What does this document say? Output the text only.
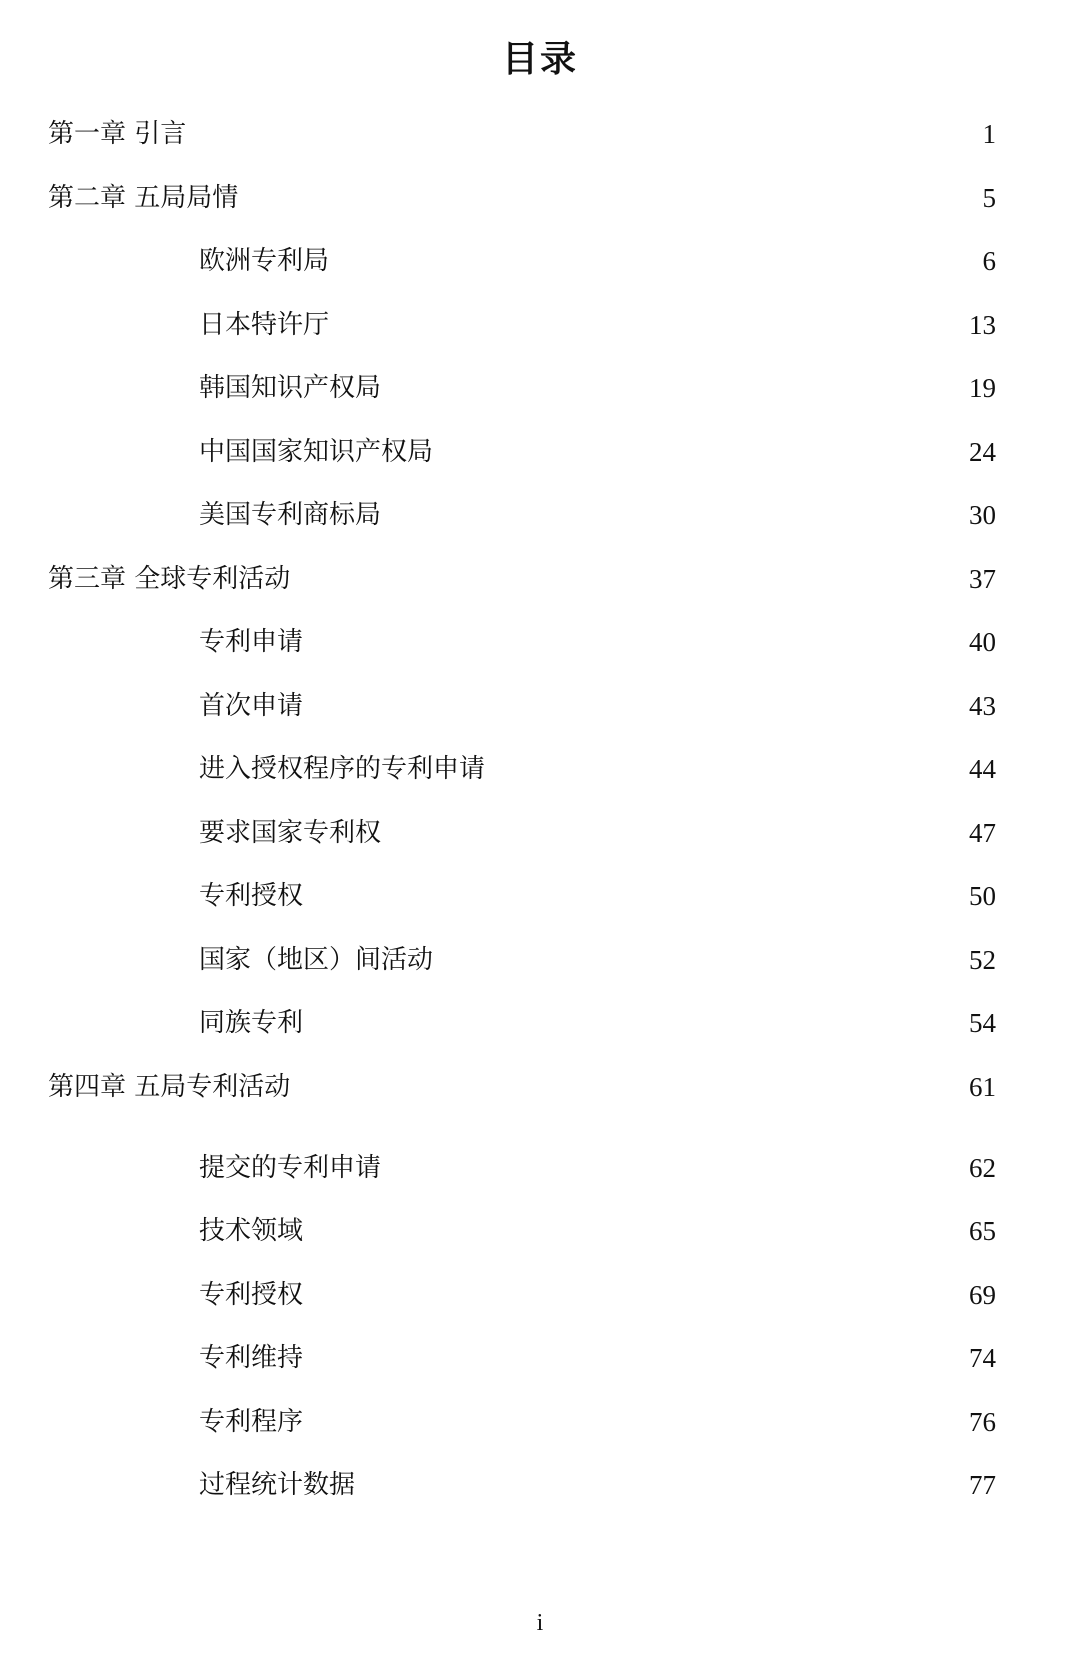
目录
第一章 引言	1
第二章 五局局情	5
欧洲专利局	6
日本特许厅	13
韩国知识产权局	19
中国国家知识产权局	24
美国专利商标局	30
第三章 全球专利活动	37
专利申请	40
首次申请	43
进入授权程序的专利申请	44
要求国家专利权	47
专利授权	50
国家（地区）间活动	52
同族专利	54
第四章 五局专利活动	61
提交的专利申请	62
技术领域	65
专利授权	69
专利维持	74
专利程序	76
过程统计数据	77
i
